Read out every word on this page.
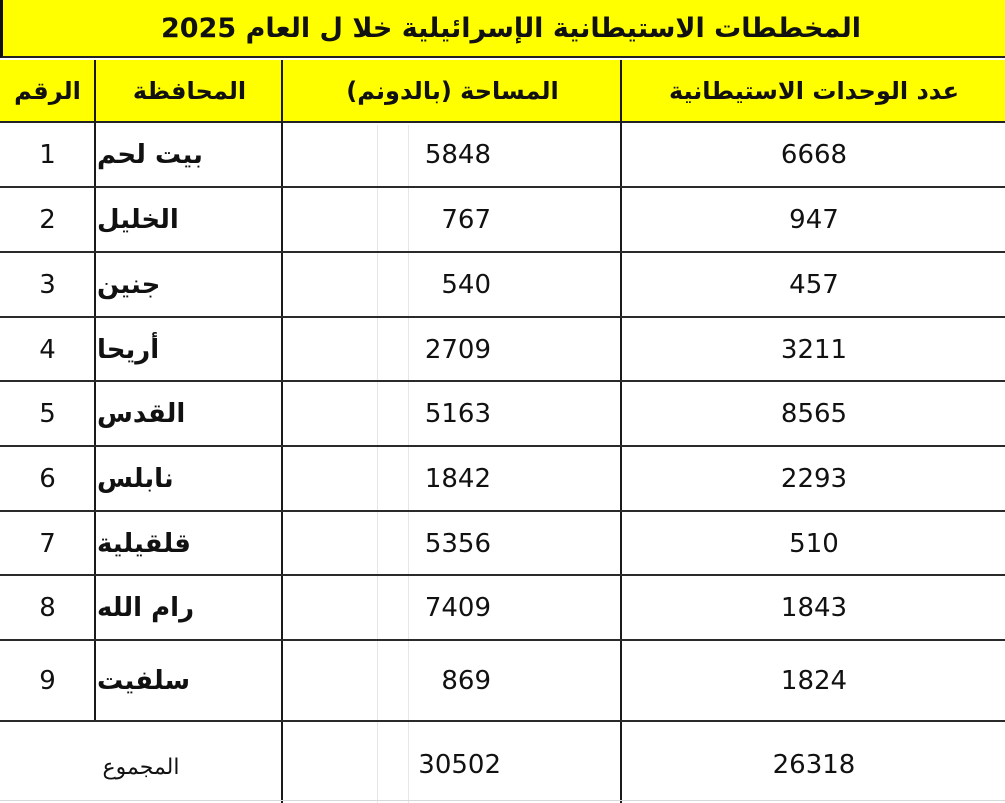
المخططات الاستيطانية الإسرائيلية خلا ل العام 2025
الرقم	المحافظة	المساحة (بالدونم)	عدد الوحدات الاستيطانية
1	بيت لحم	5848	6668
2	الخليل	767	947
3	جنين	540	457
4	أريحا	2709	3211
5	القدس	5163	8565
6	نابلس	1842	2293
7	قلقيلية	5356	510
8	رام الله	7409	1843
9	سلفيت	869	1824
المجموع	30502	26318
